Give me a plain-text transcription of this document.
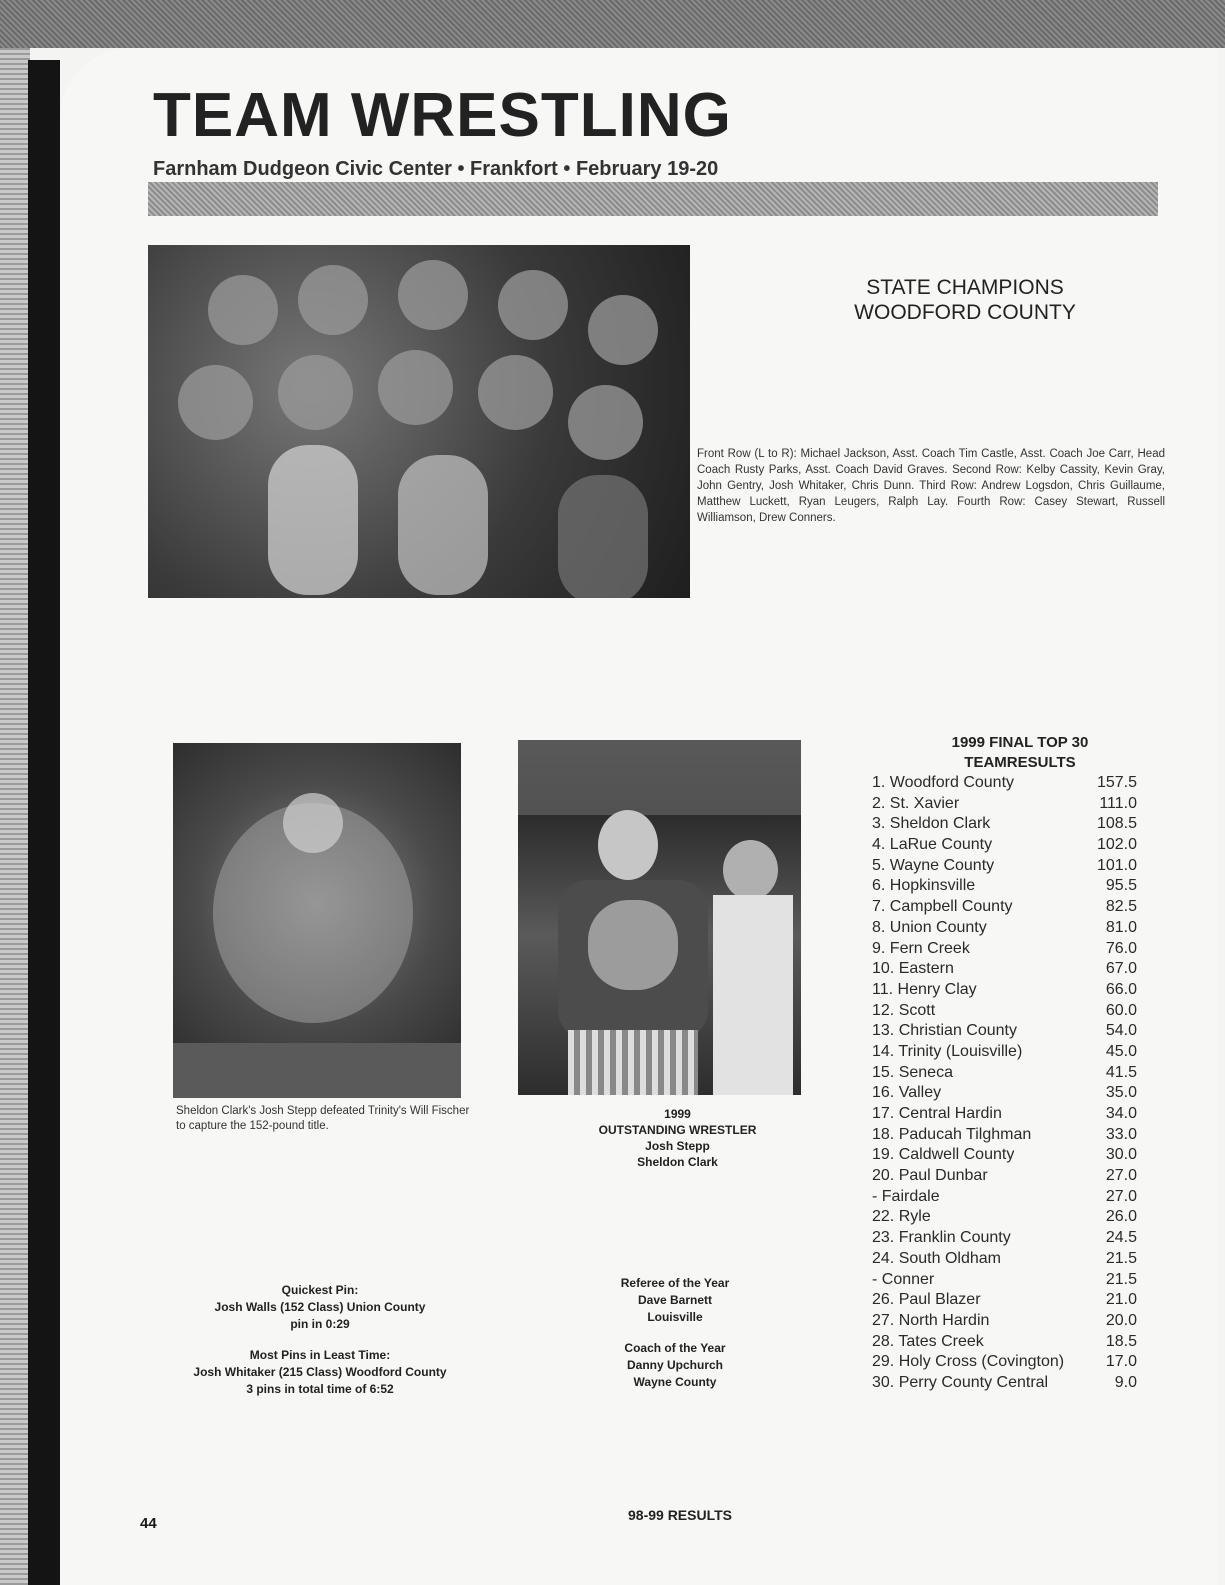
TEAM WRESTLING
Farnham Dudgeon Civic Center • Frankfort • February 19-20
STATE CHAMPIONS
WOODFORD COUNTY
Front Row (L to R): Michael Jackson, Asst. Coach Tim Castle, Asst. Coach Joe Carr, Head Coach Rusty Parks, Asst. Coach David Graves. Second Row: Kelby Cassity, Kevin Gray, John Gentry, Josh Whitaker, Chris Dunn. Third Row: Andrew Logsdon, Chris Guillaume, Matthew Luckett, Ryan Leugers, Ralph Lay. Fourth Row: Casey Stewart, Russell Williamson, Drew Conners.
Sheldon Clark's Josh Stepp defeated Trinity's Will Fischer to capture the 152-pound title.
1999
OUTSTANDING WRESTLER
Josh Stepp
Sheldon Clark
Quickest Pin:
Josh Walls (152 Class) Union County
pin in 0:29
Most Pins in Least Time:
Josh Whitaker (215 Class) Woodford County
3 pins in total time of 6:52
Referee of the Year
Dave Barnett
Louisville
Coach of the Year
Danny Upchurch
Wayne County
1999 FINAL TOP 30
TEAMRESULTS
1. Woodford County	157.5
2. St. Xavier	111.0
3. Sheldon Clark	108.5
4. LaRue County	102.0
5. Wayne County	101.0
6. Hopkinsville	95.5
7. Campbell County	82.5
8. Union County	81.0
9. Fern Creek	76.0
10. Eastern	67.0
11. Henry Clay	66.0
12. Scott	60.0
13. Christian County	54.0
14. Trinity (Louisville)	45.0
15. Seneca	41.5
16. Valley	35.0
17. Central Hardin	34.0
18. Paducah Tilghman	33.0
19. Caldwell County	30.0
20. Paul Dunbar	27.0
- Fairdale	27.0
22. Ryle	26.0
23. Franklin County	24.5
24. South Oldham	21.5
- Conner	21.5
26. Paul Blazer	21.0
27. North Hardin	20.0
28. Tates Creek	18.5
29. Holy Cross (Covington)	17.0
30. Perry County Central	9.0
44	98-99 RESULTS
